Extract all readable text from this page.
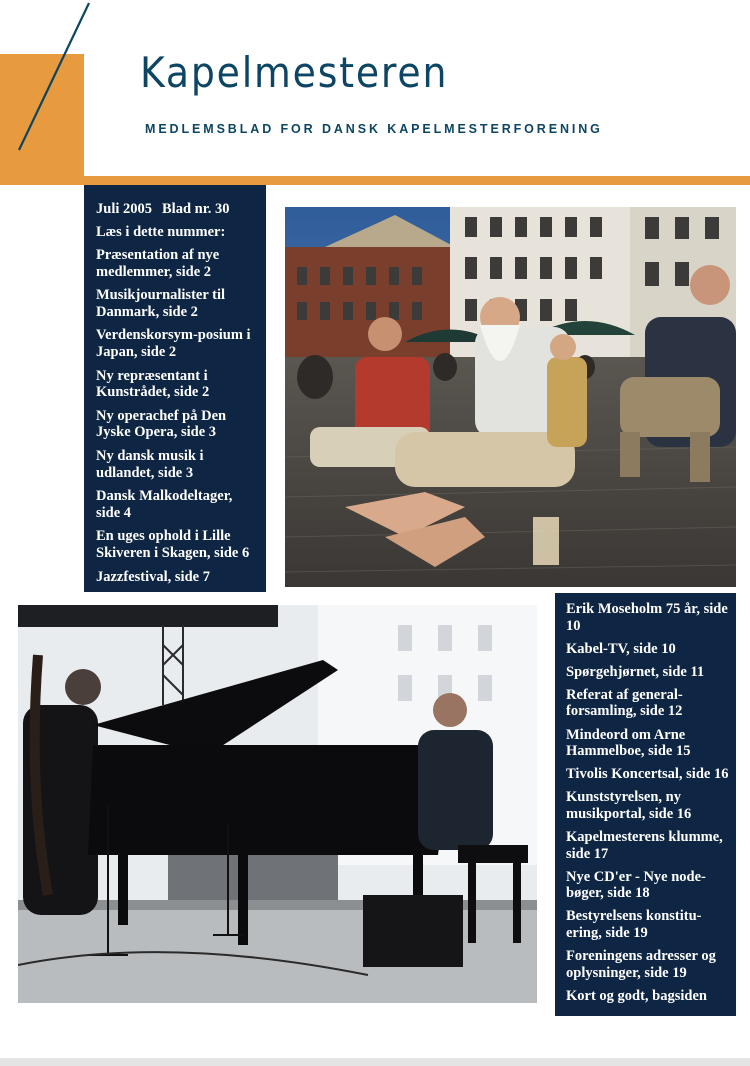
Kapelmesteren
MEDLEMSBLAD FOR DANSK KAPELMESTERFORENING
Juli 2005 Blad nr. 30
Læs i dette nummer:
Præsentation af nye medlemmer, side 2
Musikjournalister til Danmark, side 2
Verdenskorsym-posium i Japan, side 2
Ny repræsentant i Kunstrådet, side 2
Ny operachef på Den Jyske Opera, side 3
Ny dansk musik i udlandet, side 3
Dansk Malkodeltager, side 4
En uges ophold i Lille Skiveren i Skagen, side 6
Jazzfestival, side 7
Erik Moseholm 75 år, side 10
Kabel-TV, side 10
Spørgehjørnet, side 11
Referat af general-forsamling, side 12
Mindeord om Arne Hammelboe, side 15
Tivolis Koncertsal, side 16
Kunststyrelsen, ny musikportal, side 16
Kapelmesterens klumme, side 17
Nye CD'er - Nye node-bøger, side 18
Bestyrelsens konstitu-ering, side 19
Foreningens adresser og oplysninger, side 19
Kort og godt, bagsiden
